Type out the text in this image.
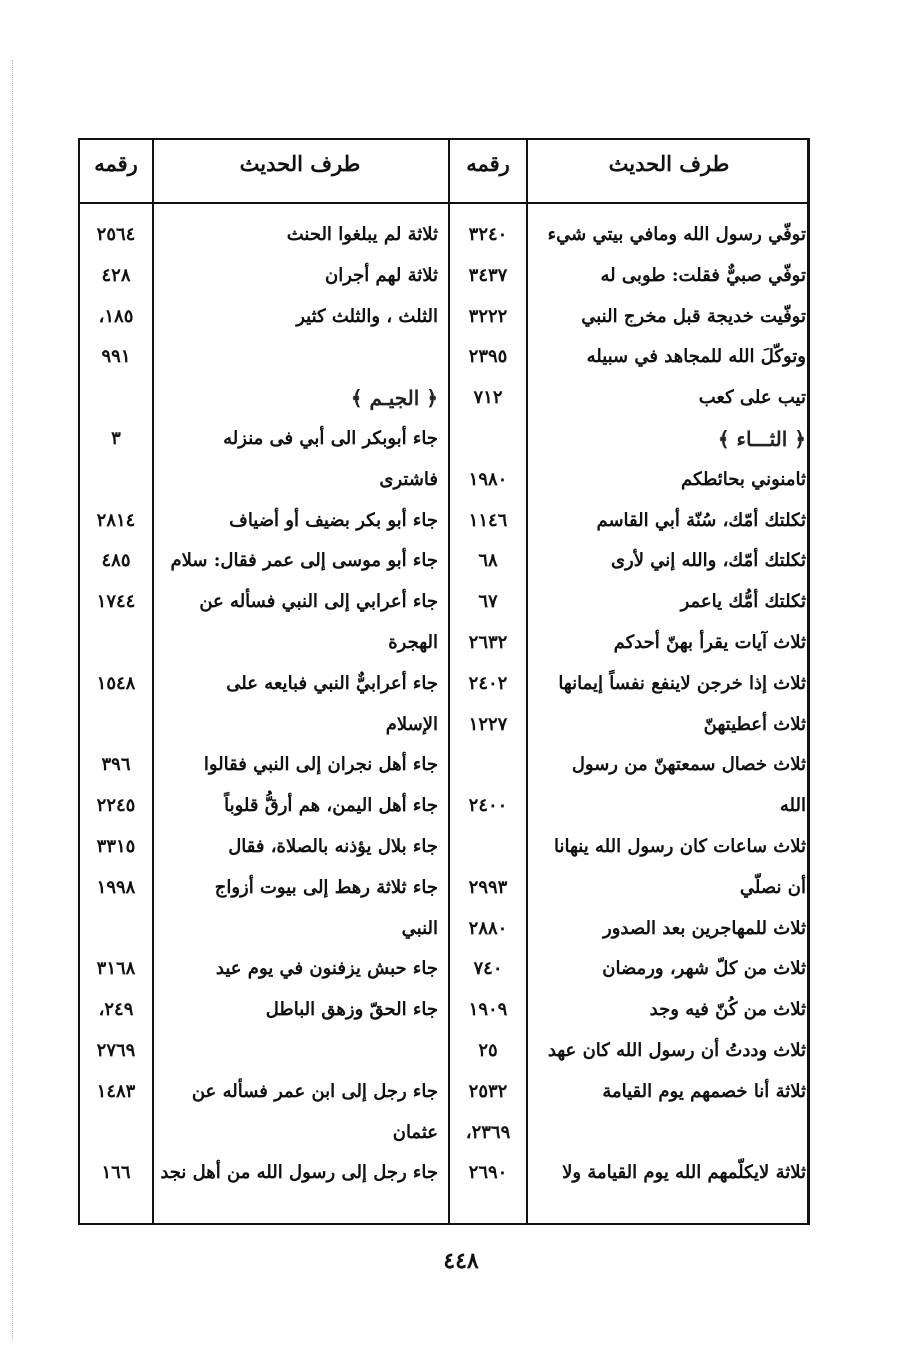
طرف الحديث
رقمه
طرف الحديث
رقمه
توفّي رسول الله ومافي بيتي شيء
٣٢٤٠
ثلاثة لم يبلغوا الحنث
٢٥٦٤
توفّي صبيٌّ فقلت: طوبى له
٣٤٣٧
ثلاثة لهم أجران
٤٢٨
توفّيت خديجة قبل مخرج النبي
٣٢٢٢
الثلث ، والثلث كثير
١٨٥،
وتوكّلَ الله للمجاهد في سبيله
٢٣٩٥
٩٩١
تيب على كعب
٧١٢
﴿ الجيـم ﴾
﴿ الثـــاء ﴾
جاء أبوبكر الى أبي فى منزله
٣
ثامنوني بحائطكم
١٩٨٠
فاشترى
ثكلتك أمّك، سُنّة أبي القاسم
١١٤٦
جاء أبو بكر بضيف أو أضياف
٢٨١٤
ثكلتك أمّك، والله إني لأرى
٦٨
جاء أبو موسى إلى عمر فقال: سلام
٤٨٥
ثكلتك أمُّك ياعمر
٦٧
جاء أعرابي إلى النبي فسأله عن
١٧٤٤
ثلاث آيات يقرأ بهنّ أحدكم
٢٦٣٢
الهجرة
ثلاث إذا خرجن لاينفع نفساً إيمانها
٢٤٠٢
جاء أعرابيٌّ النبي فبايعه على
١٥٤٨
ثلاث أعطيتهنّ
١٢٢٧
الإسلام
ثلاث خصال سمعتهنّ من رسول
جاء أهل نجران إلى النبي فقالوا
٣٩٦
الله
٢٤٠٠
جاء أهل اليمن، هم أرقُّ قلوباً
٢٢٤٥
ثلاث ساعات كان رسول الله ينهانا
جاء بلال يؤذنه بالصلاة، فقال
٣٣١٥
أن نصلّي
٢٩٩٣
جاء ثلاثة رهط إلى بيوت أزواج
١٩٩٨
ثلاث للمهاجرين بعد الصدور
٢٨٨٠
النبي
ثلاث من كلّ شهر، ورمضان
٧٤٠
جاء حبش يزفنون في يوم عيد
٣١٦٨
ثلاث من كُنّ فيه وجد
١٩٠٩
جاء الحقّ وزهق الباطل
٢٤٩،
ثلاث وددتُ أن رسول الله كان عهد
٢٥
٢٧٦٩
ثلاثة أنا خصمهم يوم القيامة
٢٥٣٢
جاء رجل إلى ابن عمر فسأله عن
١٤٨٣
٢٣٦٩،
عثمان
ثلاثة لايكلّمهم الله يوم القيامة ولا
٢٦٩٠
جاء رجل إلى رسول الله من أهل نجد
١٦٦
٤٤٨
